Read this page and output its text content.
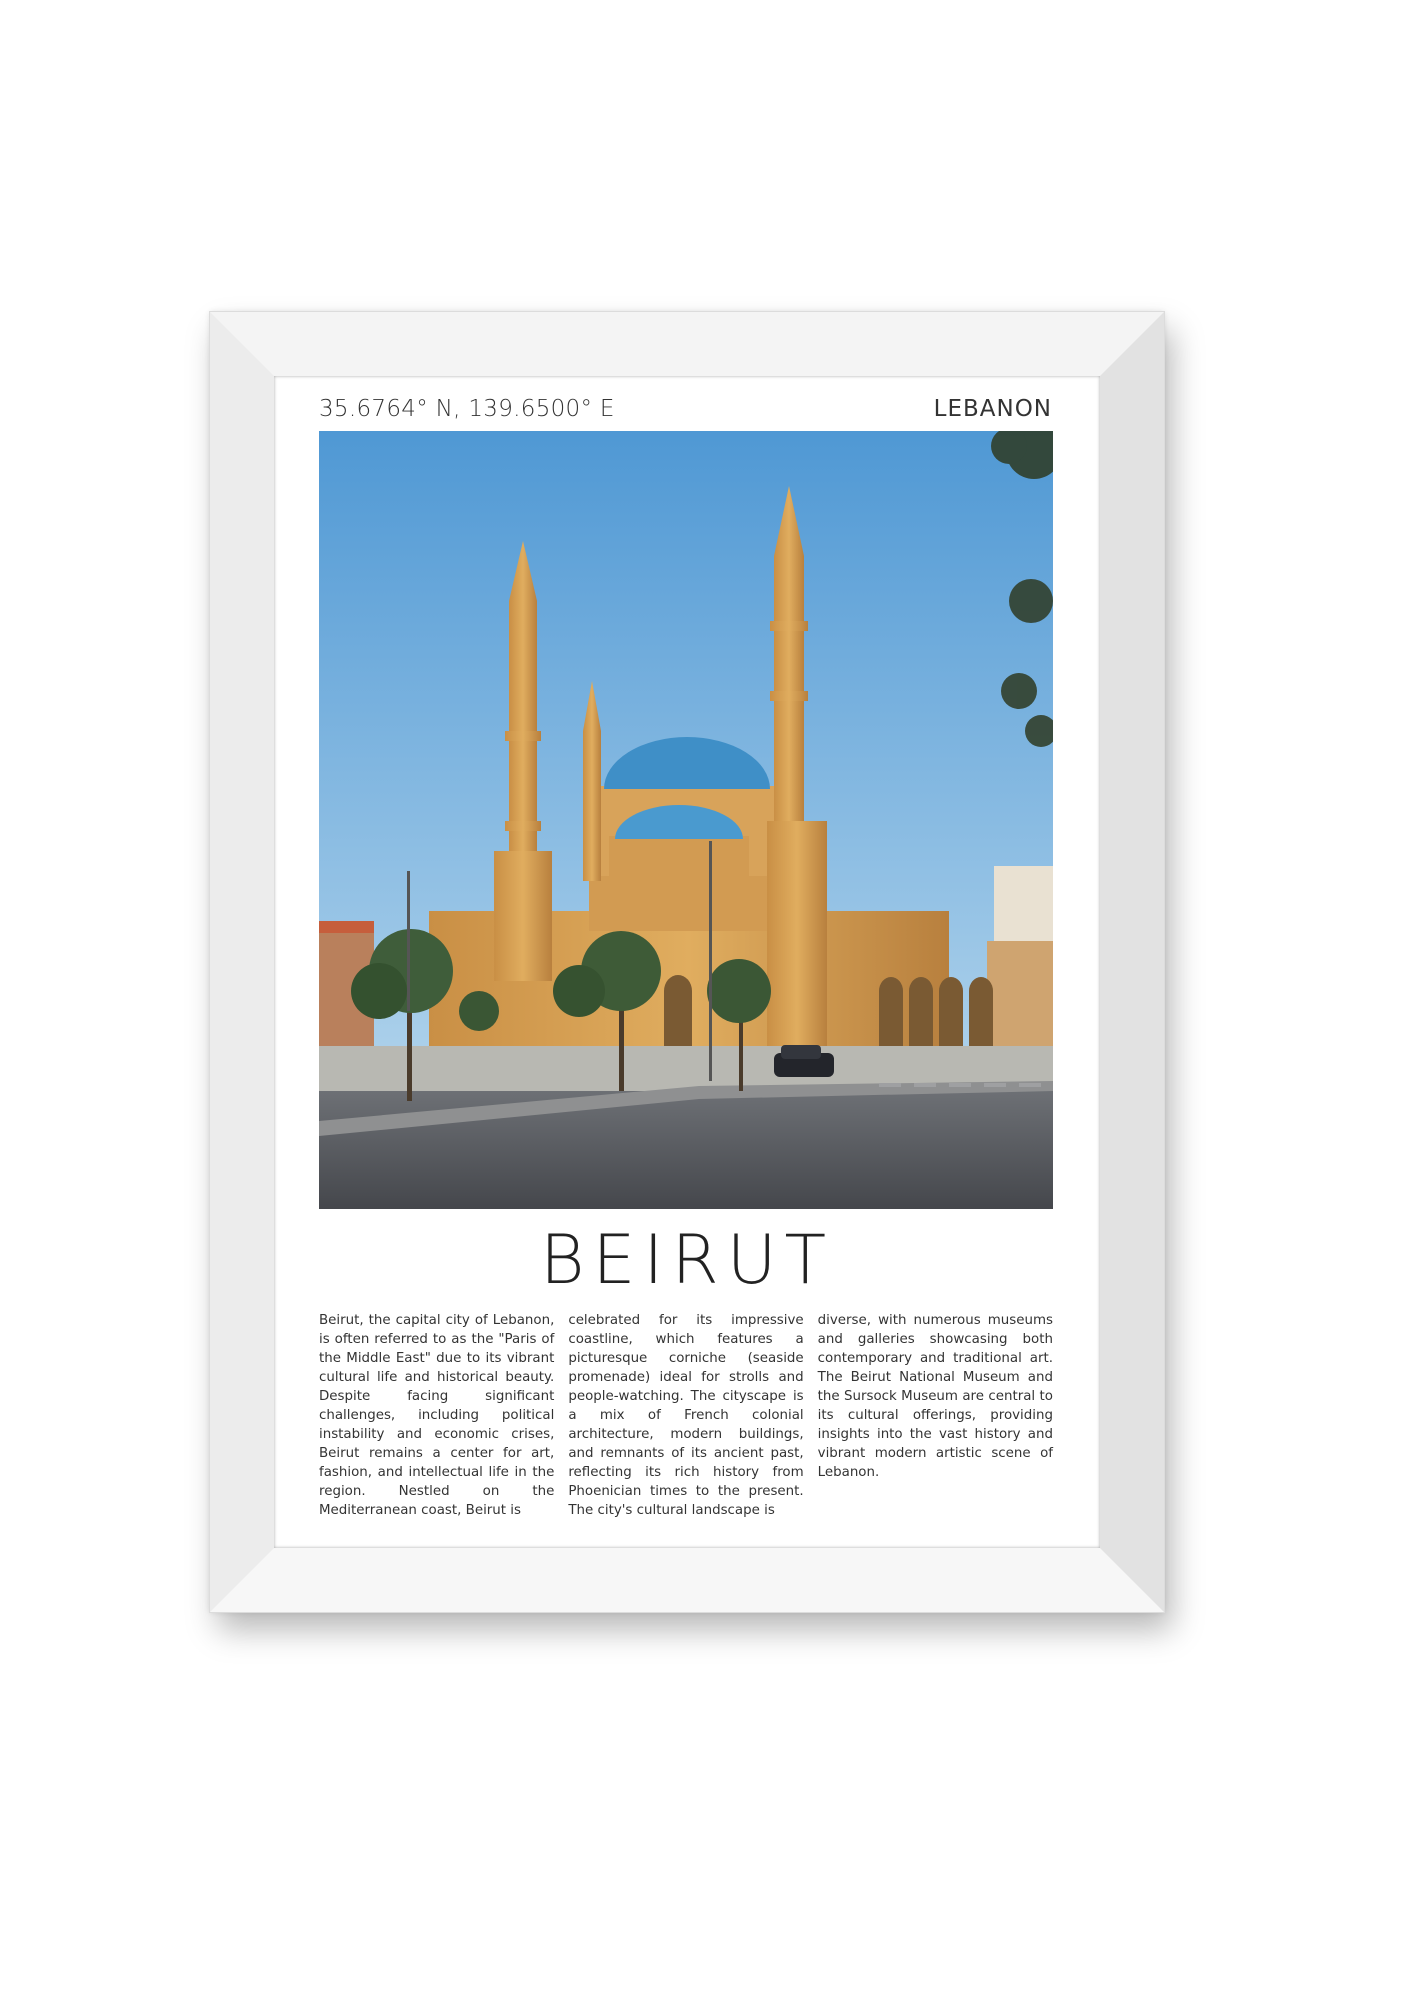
35.6764° N, 139.6500° E	LEBANON
BEIRUT
Beirut, the capital city of Lebanon, is often referred to as the "Paris of the Middle East" due to its vibrant cultural life and historical beauty. Despite facing significant challenges, including political instability and economic crises, Beirut remains a center for art, fashion, and intellectual life in the region. Nestled on the Mediterranean coast, Beirut is
celebrated for its impressive coastline, which features a picturesque corniche (seaside promenade) ideal for strolls and people-watching. The cityscape is a mix of French colonial architecture, modern buildings, and remnants of its ancient past, reflecting its rich history from Phoenician times to the present. The city's cultural landscape is
diverse, with numerous museums and galleries showcasing both contemporary and traditional art. The Beirut National Museum and the Sursock Museum are central to its cultural offerings, providing insights into the vast history and vibrant modern artistic scene of Lebanon.
